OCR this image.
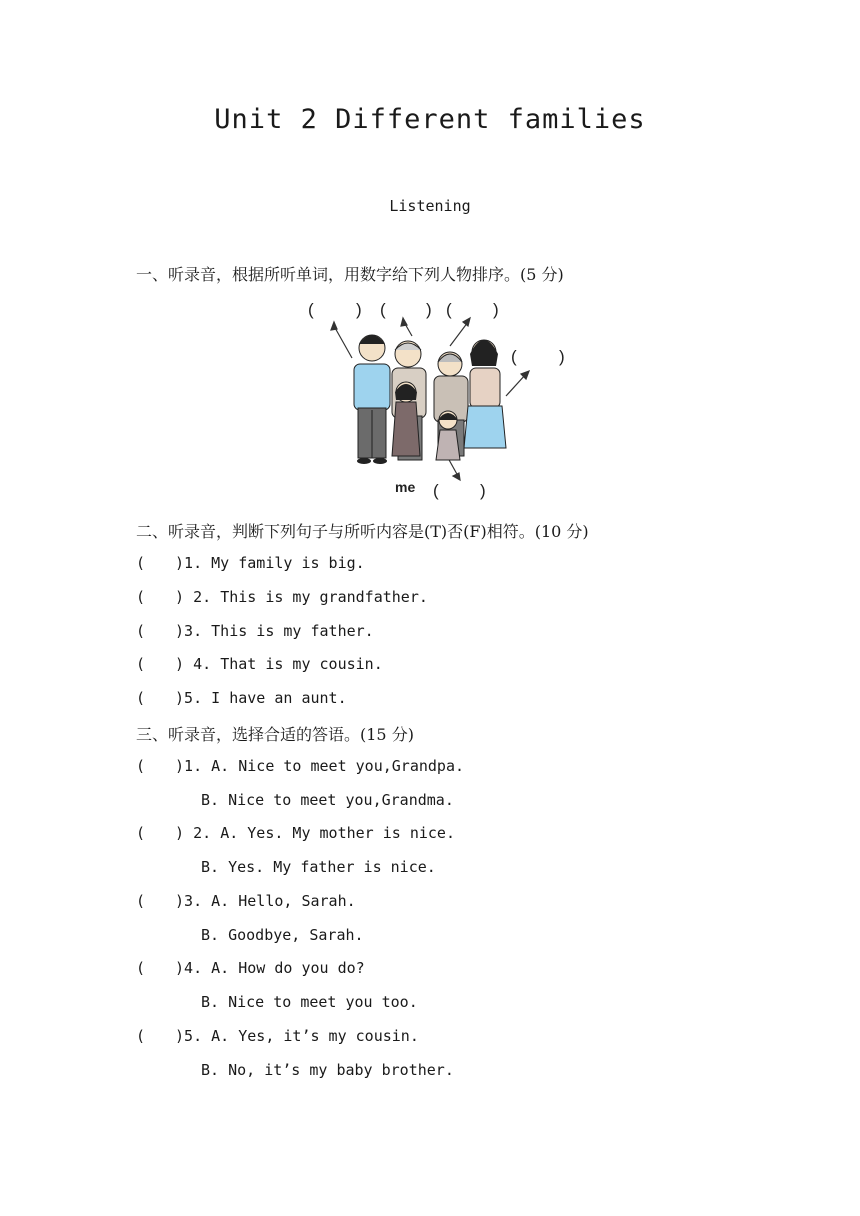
Unit 2 Different families
Listening
一、听录音，根据所听单词，用数字给下列人物排序。(5 分)
( ) ( ) ( )
( )
me ( )
二、听录音，判断下列句子与所听内容是(T)否(F)相符。(10 分)
( )1. My family is big.
( ) 2. This is my grandfather.
( )3. This is my father.
( ) 4. That is my cousin.
( )5. I have an aunt.
三、听录音，选择合适的答语。(15 分)
( )1. A. Nice to meet you,Grandpa.
B. Nice to meet you,Grandma.
( ) 2. A. Yes. My mother is nice.
B. Yes. My father is nice.
( )3. A. Hello, Sarah.
B. Goodbye, Sarah.
( )4. A. How do you do?
B. Nice to meet you too.
( )5. A. Yes, it’s my cousin.
B. No, it’s my baby brother.
